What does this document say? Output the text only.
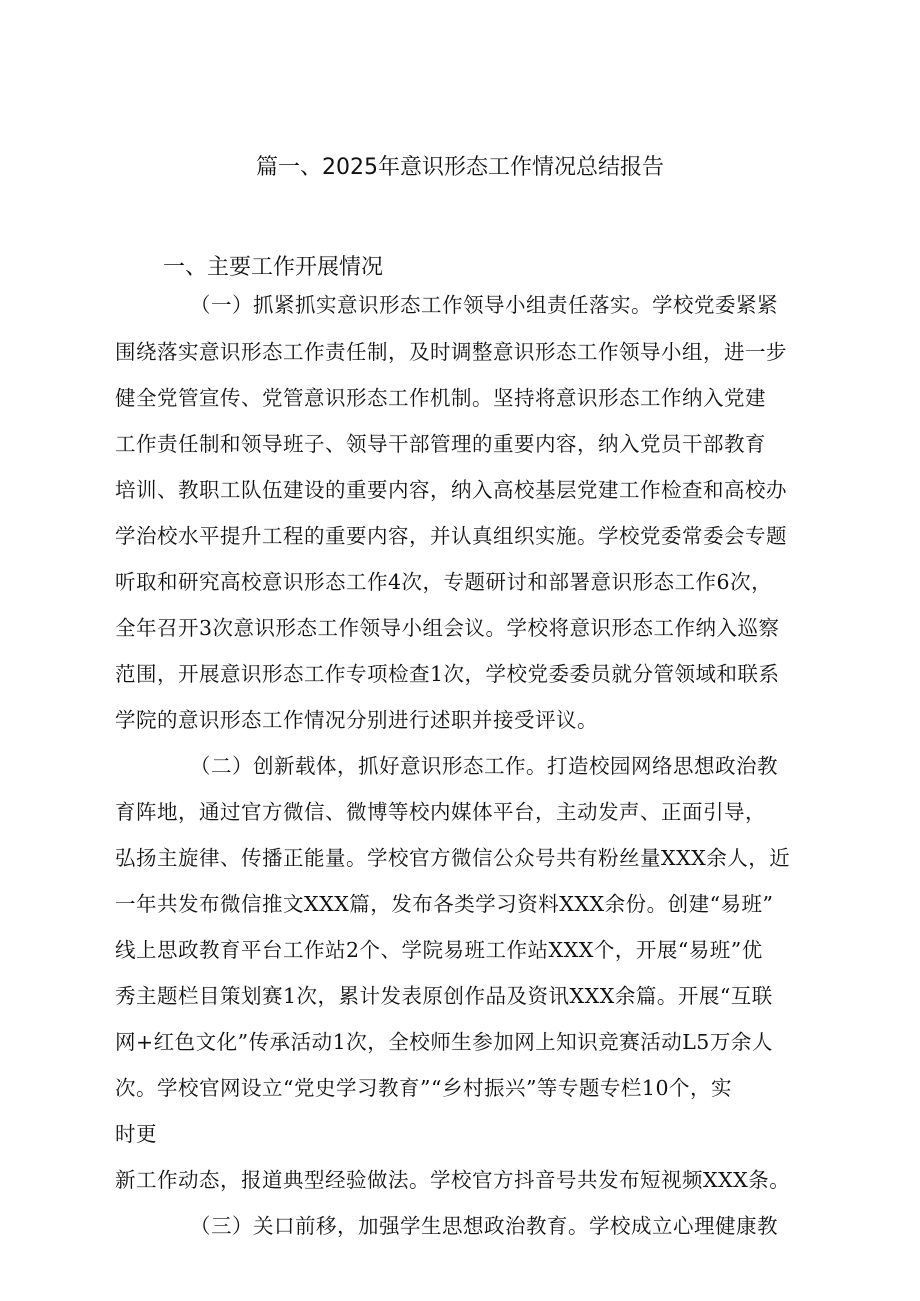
篇一、2025年意识形态工作情况总结报告
一、主要工作开展情况
（一）抓紧抓实意识形态工作领导小组责任落实。学校党委紧紧
围绕落实意识形态工作责任制，及时调整意识形态工作领导小组，进一步
健全党管宣传、党管意识形态工作机制。坚持将意识形态工作纳入党建
工作责任制和领导班子、领导干部管理的重要内容，纳入党员干部教育
培训、教职工队伍建设的重要内容，纳入高校基层党建工作检查和高校办
学治校水平提升工程的重要内容，并认真组织实施。学校党委常委会专题
听取和研究高校意识形态工作4次，专题研讨和部署意识形态工作6次，
全年召开3次意识形态工作领导小组会议。学校将意识形态工作纳入巡察
范围，开展意识形态工作专项检查1次，学校党委委员就分管领域和联系
学院的意识形态工作情况分别进行述职并接受评议。
（二）创新载体，抓好意识形态工作。打造校园网络思想政治教
育阵地，通过官方微信、微博等校内媒体平台，主动发声、正面引导，
弘扬主旋律、传播正能量。学校官方微信公众号共有粉丝量XXX余人，近
一年共发布微信推文XXX篇，发布各类学习资料XXX余份。创建“易班”
线上思政教育平台工作站2个、学院易班工作站XXX个，开展“易班”优
秀主题栏目策划赛1次，累计发表原创作品及资讯XXX余篇。开展“互联
网+红色文化”传承活动1次，全校师生参加网上知识竞赛活动L5万余人
次。学校官网设立“党史学习教育”“乡村振兴”等专题专栏10个，实
时更
新工作动态，报道典型经验做法。学校官方抖音号共发布短视频XXX条。
（三）关口前移，加强学生思想政治教育。学校成立心理健康教
